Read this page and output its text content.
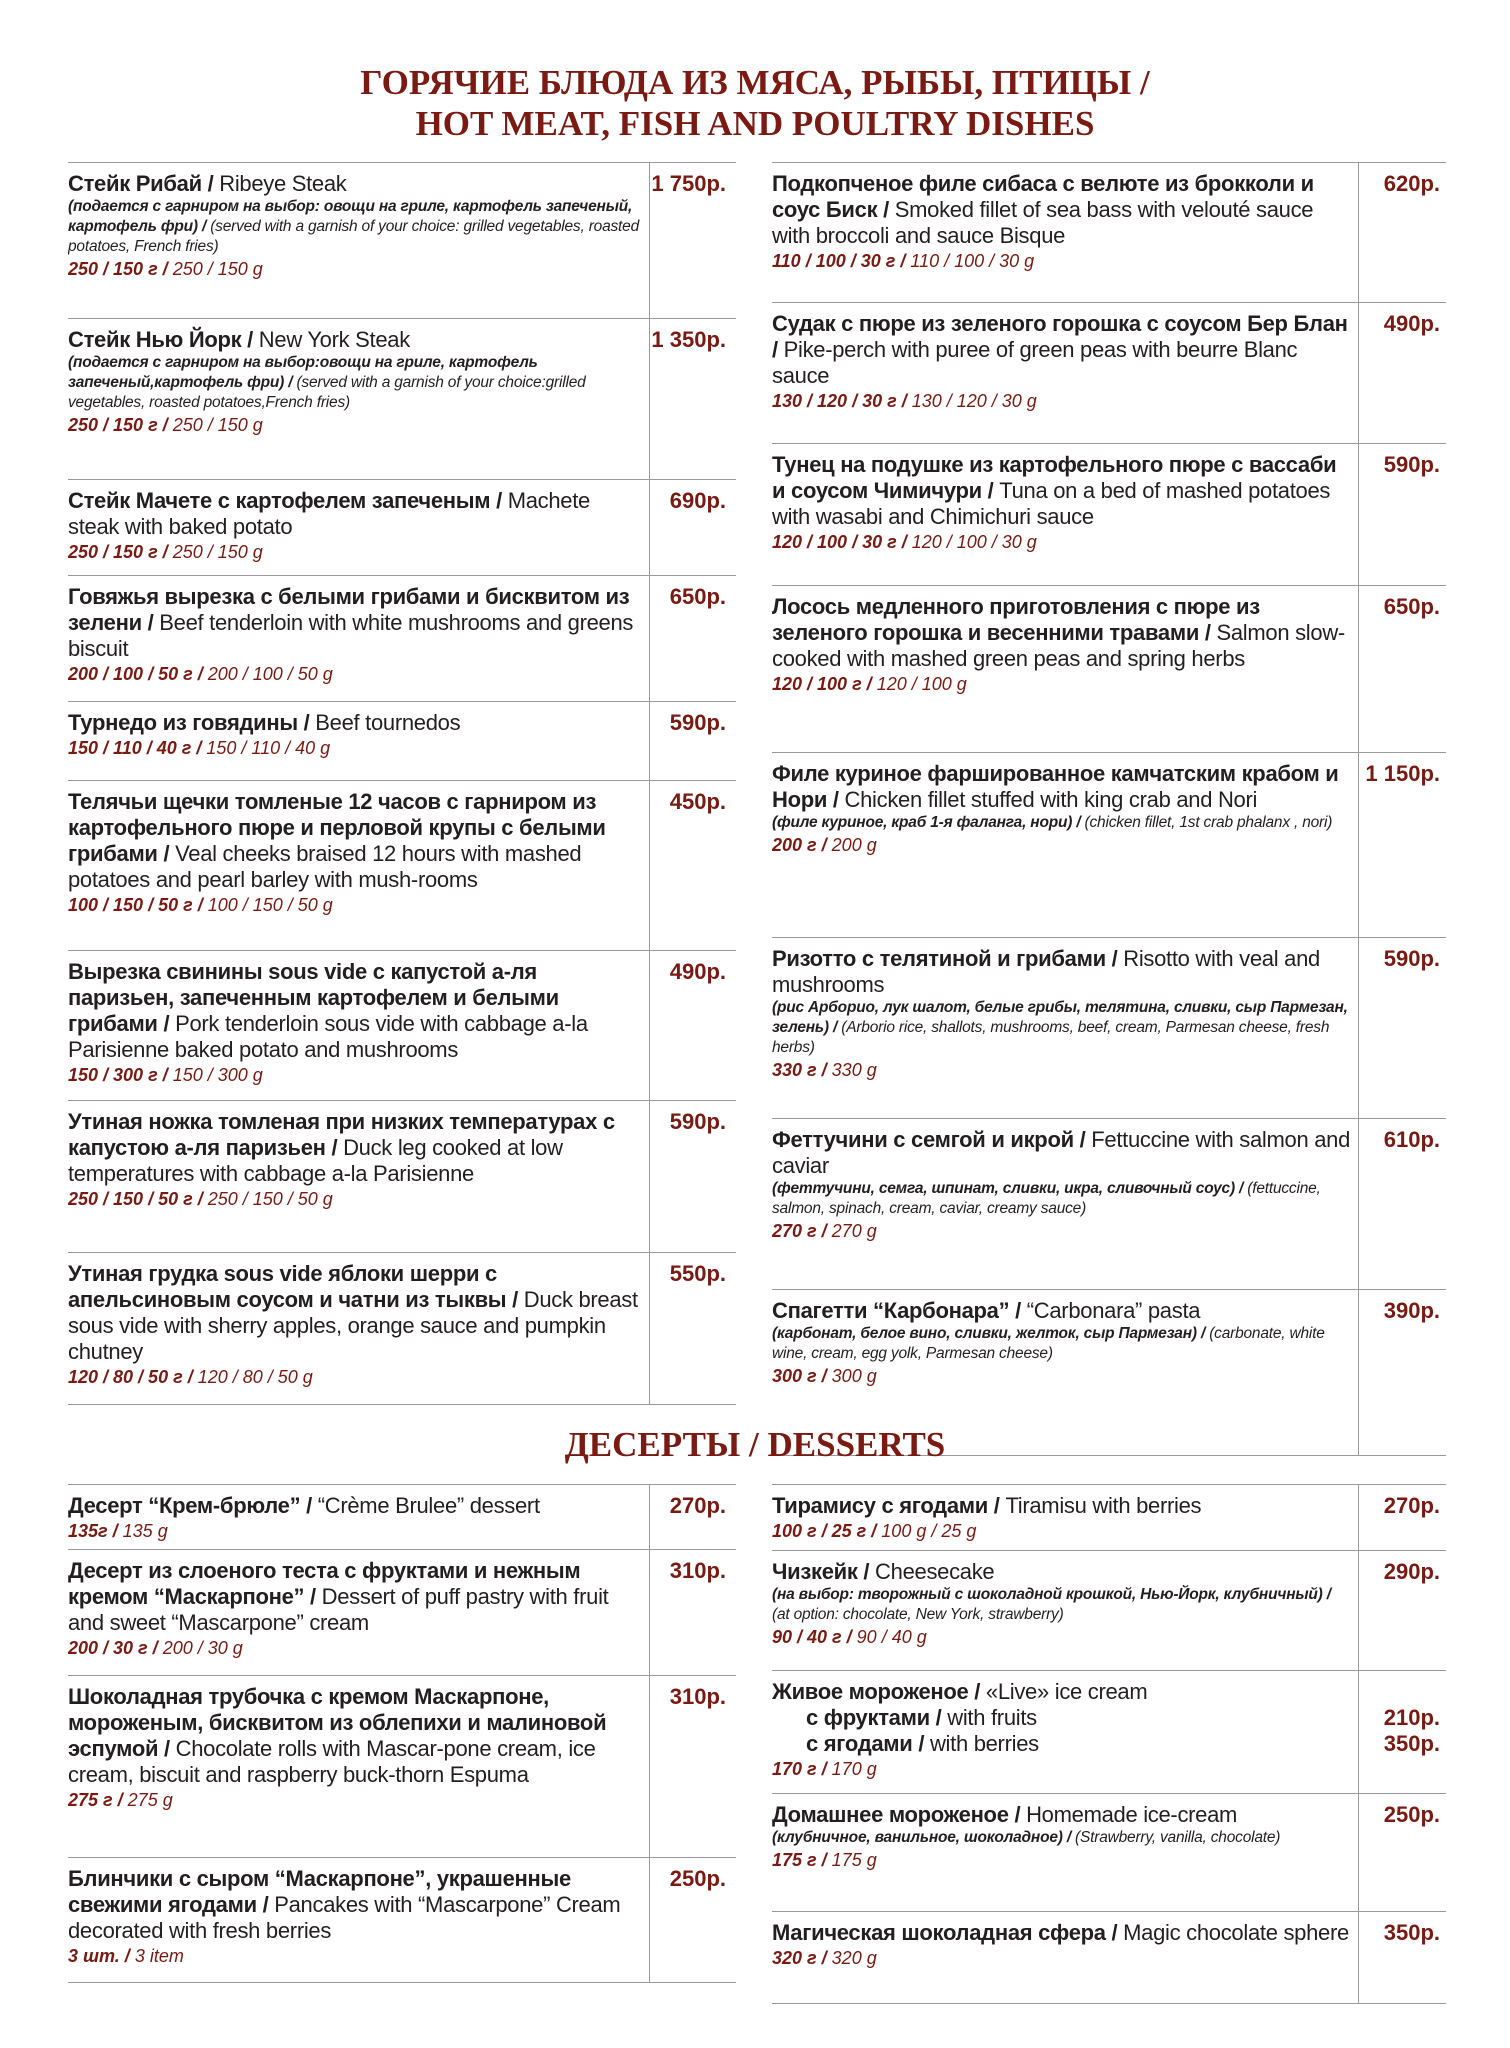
ГОРЯЧИЕ БЛЮДА ИЗ МЯСА, РЫБЫ, ПТИЦЫ /
HOT MEAT, FISH AND POULTRY DISHES
Стейк Рибай / Ribeye Steak
(подается с гарниром на выбор: овощи на гриле, картофель запеченый, картофель фри) / (served with a garnish of your choice: grilled vegetables, roasted potatoes, French fries)
250 / 150 г / 250 / 150 g
1 750р.
Стейк Нью Йорк / New York Steak
(подается с гарниром на выбор:овощи на гриле, картофель запеченый,картофель фри) / (served with a garnish of your choice:grilled vegetables, roasted potatoes,French fries)
250 / 150 г / 250 / 150 g
1 350р.
Стейк Мачете с картофелем запеченым / Machete steak with baked potato
250 / 150 г / 250 / 150 g
690р.
Говяжья вырезка с белыми грибами и бисквитом из зелени / Beef tenderloin with white mushrooms and greens biscuit
200 / 100 / 50 г / 200 / 100 / 50 g
650р.
Турнедо из говядины / Beef tournedos
150 / 110 / 40 г / 150 / 110 / 40 g
590р.
Телячьи щечки томленые 12 часов с гарниром из картофельного пюре и перловой крупы с белыми грибами / Veal cheeks braised 12 hours with mashed potatoes and pearl barley with mush-rooms
100 / 150 / 50 г / 100 / 150 / 50 g
450р.
Вырезка свинины sous vide с капустой а-ля паризьен, запеченным картофелем и белыми грибами / Pork tenderloin sous vide with cabbage a-la Parisienne baked potato and mushrooms
150 / 300 г / 150 / 300 g
490р.
Утиная ножка томленая при низких температурах с капустою а-ля паризьен / Duck leg cooked at low temperatures with cabbage a-la Parisienne
250 / 150 / 50 г / 250 / 150 / 50 g
590р.
Утиная грудка sous vide яблоки шерри с апельсиновым соусом и чатни из тыквы / Duck breast sous vide with sherry apples, orange sauce and pumpkin chutney
120 / 80 / 50 г / 120 / 80 / 50 g
550р.
Подкопченое филе сибаса с велюте из брокколи и соус Биск / Smoked fillet of sea bass with velouté sauce with broccoli and sauce Bisque
110 / 100 / 30 г / 110 / 100 / 30 g
620р.
Судак с пюре из зеленого горошка с соусом Бер Блан / Pike-perch with puree of green peas with beurre Blanc sauce
130 / 120 / 30 г / 130 / 120 / 30 g
490р.
Тунец на подушке из картофельного пюре с вассаби и соусом Чимичури / Tuna on a bed of mashed potatoes with wasabi and Chimichuri sauce
120 / 100 / 30 г / 120 / 100 / 30 g
590р.
Лосось медленного приготовления с пюре из зеленого горошка и весенними травами / Salmon slow-cooked with mashed green peas and spring herbs
120 / 100 г / 120 / 100 g
650р.
Филе куриное фаршированное камчатским крабом и Нори / Chicken fillet stuffed with king crab and Nori
(филе куриное, краб 1-я фаланга, нори) / (chicken fillet, 1st crab phalanx , nori)
200 г / 200 g
1 150р.
Ризотто с телятиной и грибами / Risotto with veal and mushrooms
(рис Арборио, лук шалот, белые грибы, телятина, сливки, сыр Пармезан, зелень) / (Arborio rice, shallots, mushrooms, beef, cream, Parmesan cheese, fresh herbs)
330 г / 330 g
590р.
Феттучини с семгой и икрой / Fettuccine with salmon and caviar
(феттучини, семга, шпинат, сливки, икра, сливочный соус) / (fettuccine, salmon, spinach, cream, caviar, creamy sauce)
270 г / 270 g
610р.
Спагетти “Карбонара” / “Carbonara” pasta
(карбонат, белое вино, сливки, желток, сыр Пармезан) / (carbonate, white wine, cream, egg yolk, Parmesan cheese)
300 г / 300 g
390р.
ДЕСЕРТЫ / DESSERTS
Десерт “Крем-брюле” / “Crème Brulee” dessert
135г / 135 g
270р.
Десерт из слоеного теста с фруктами и нежным кремом “Маскарпоне” / Dessert of puff pastry with fruit and sweet “Mascarpone” cream
200 / 30 г / 200 / 30 g
310р.
Шоколадная трубочка с кремом Маскарпоне, мороженым, бисквитом из облепихи и малиновой эспумой / Chocolate rolls with Mascar-pone cream, ice cream, biscuit and raspberry buck-thorn Espuma
275 г / 275 g
310р.
Блинчики с сыром “Маскарпоне”, украшенные свежими ягодами / Pancakes with “Mascarpone” Cream decorated with fresh berries
3 шт. / 3 item
250р.
Тирамису с ягодами / Tiramisu with berries
100 г / 25 г / 100 g / 25 g
270р.
Чизкейк / Cheesecake
(на выбор: творожный с шоколадной крошкой, Нью-Йорк, клубничный) / (at option: chocolate, New York, strawberry)
90 / 40 г / 90 / 40 g
290р.
Живое мороженое / «Live» ice cream
с фруктами / with fruits
с ягодами / with berries
170 г / 170 g
210р.
350р.
Домашнее мороженое / Homemade ice-cream
(клубничное, ванильное, шоколадное) / (Strawberry, vanilla, chocolate)
175 г / 175 g
250р.
Магическая шоколадная сфера / Magic chocolate sphere
320 г / 320 g
350р.
